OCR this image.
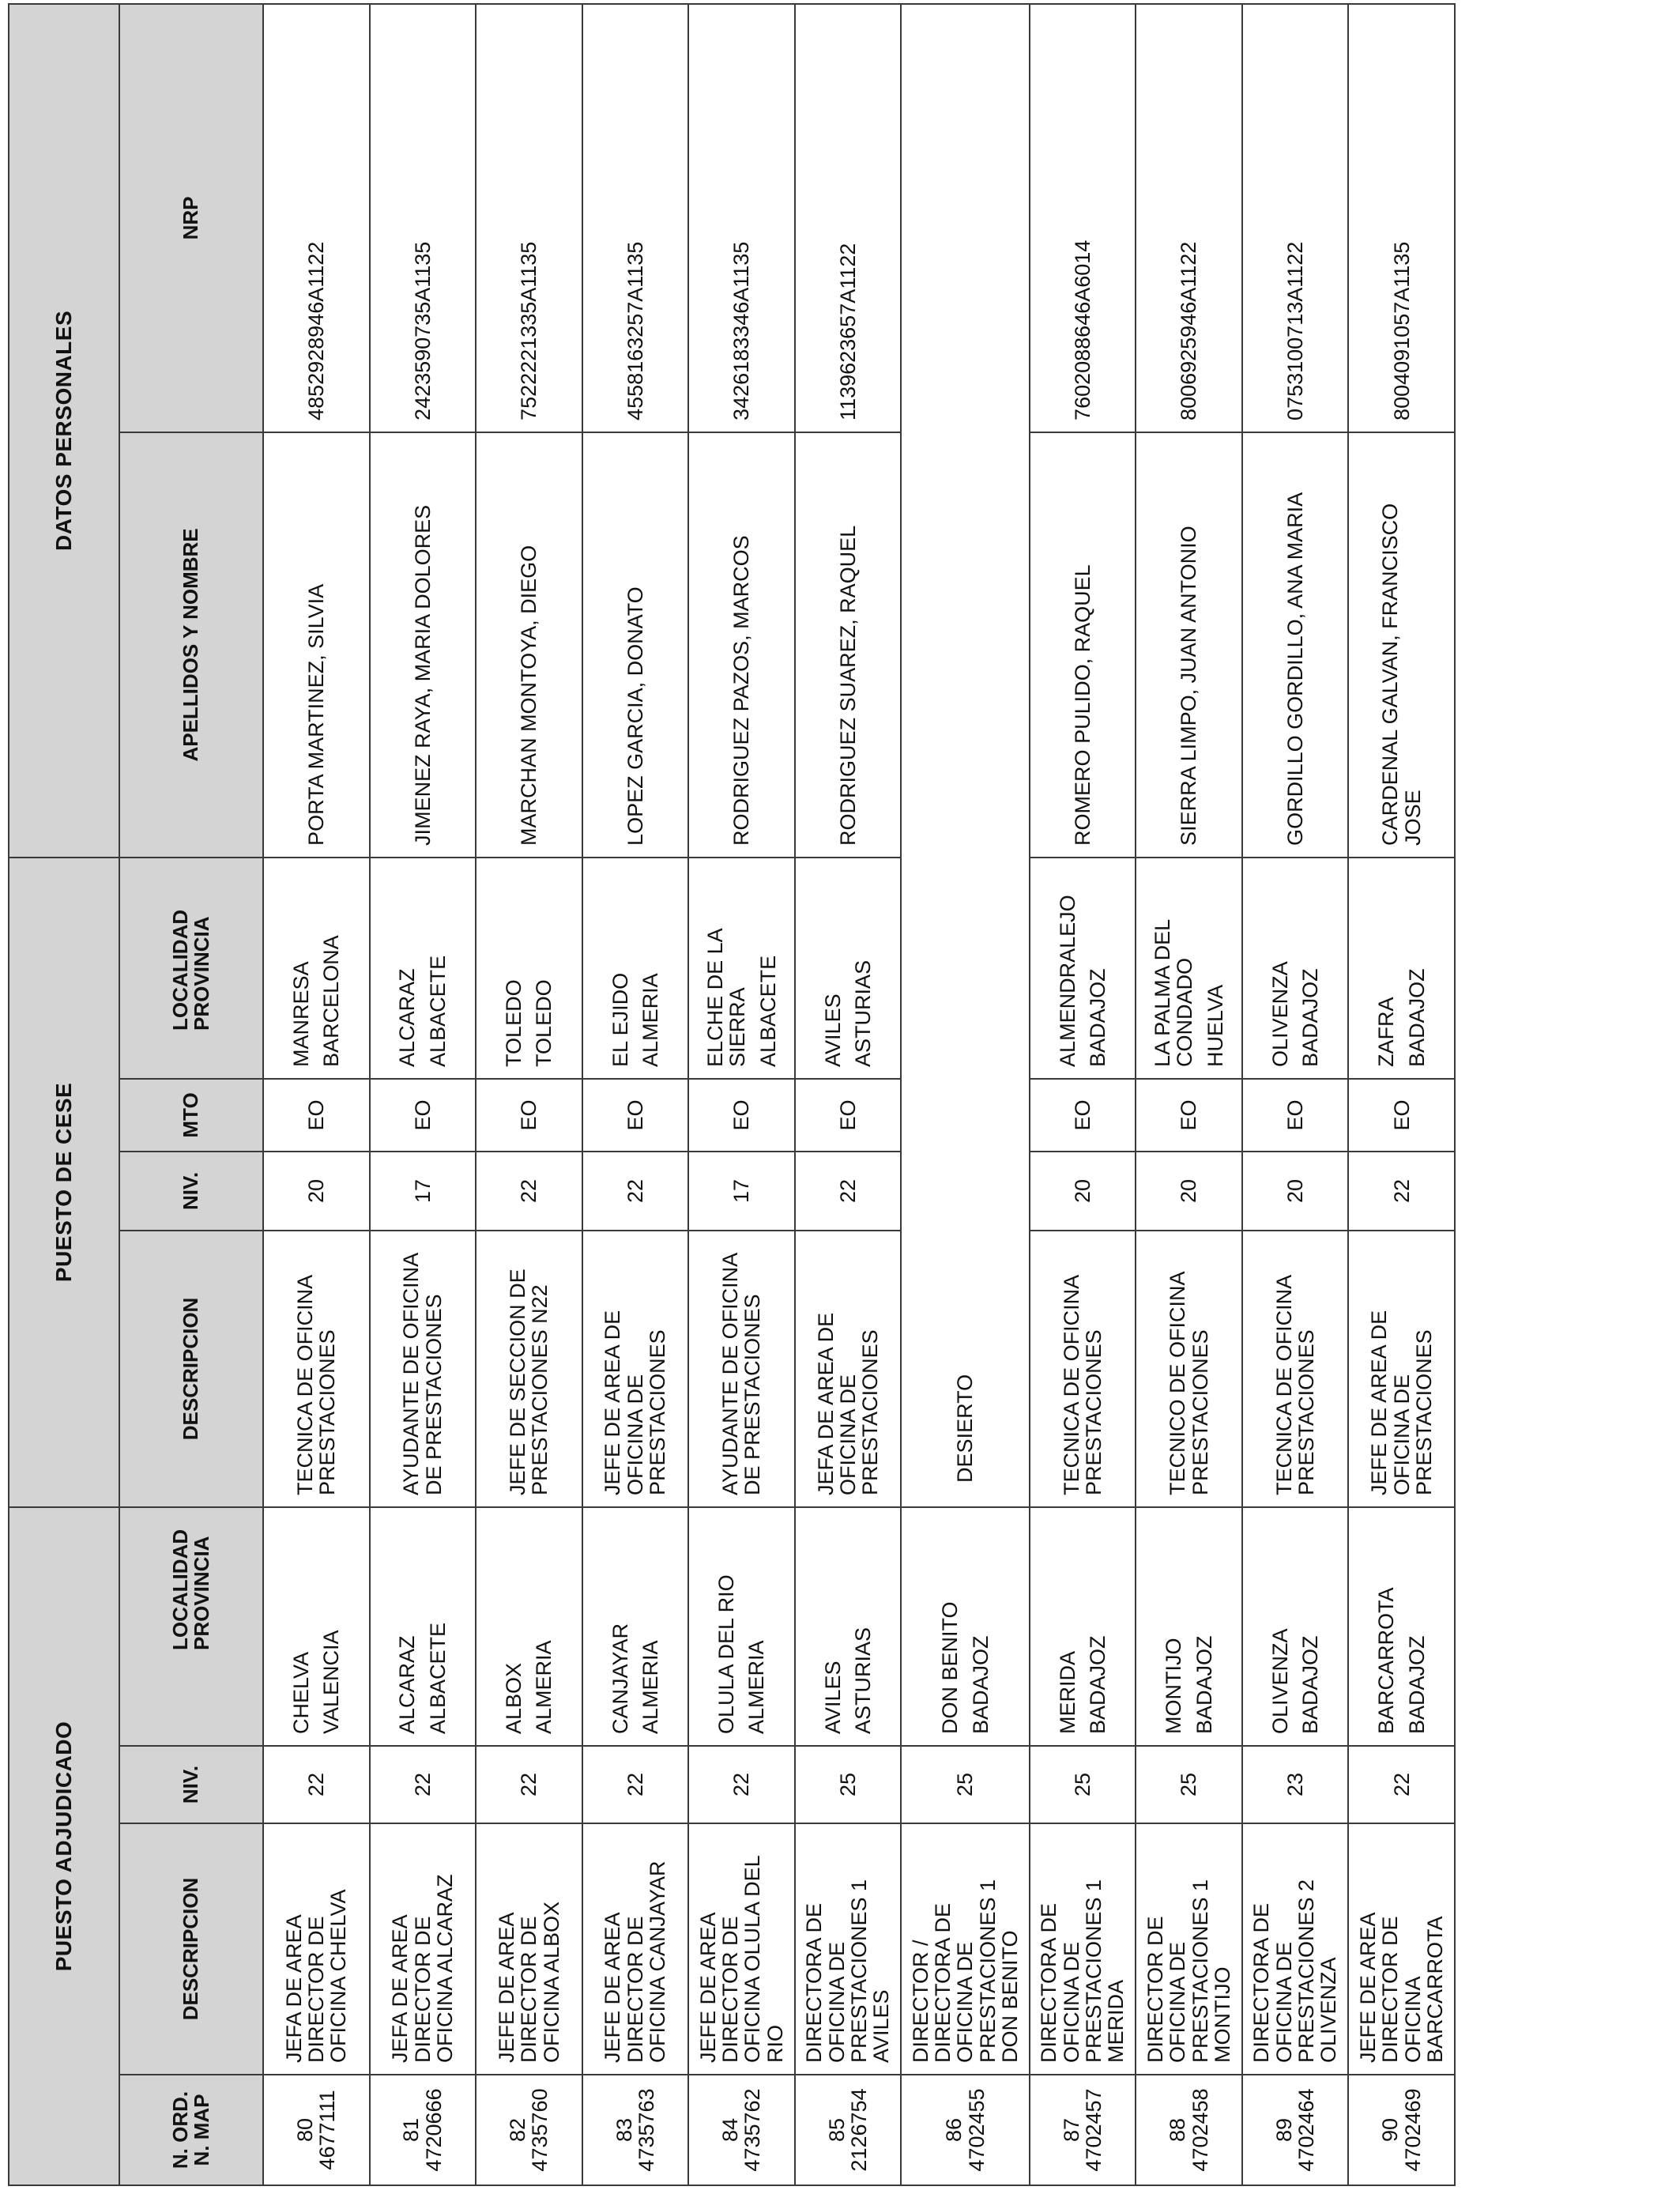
PUESTO ADJUDICADO				PUESTO DE CESE				DATOS PERSONALES	

N. ORD.
N. MAP	DESCRIPCION	NIV.	LOCALIDAD
PROVINCIA	DESCRIPCION	NIV.	MTO	LOCALIDAD
PROVINCIA	APELLIDOS Y NOMBRE	NRP

80
4677111	JEFA DE AREA DIRECTOR DE OFICINA CHELVA	22	CHELVA VALENCIA	TECNICA DE OFICINA PRESTACIONES	20	EO	MANRESA BARCELONA	PORTA MARTINEZ, SILVIA	4852928946A1122

81
4720666	JEFA DE AREA DIRECTOR DE OFICINA ALCARAZ	22	ALCARAZ ALBACETE	AYUDANTE DE OFICINA DE PRESTACIONES	17	EO	ALCARAZ ALBACETE	JIMENEZ RAYA, MARIA DOLORES	2423590735A1135

82
4735760	JEFE DE AREA DIRECTOR DE OFICINA ALBOX	22	ALBOX ALMERIA	JEFE DE SECCION DE PRESTACIONES N22	22	EO	TOLEDO TOLEDO	MARCHAN MONTOYA, DIEGO	7522221335A1135

83
4735763	JEFE DE AREA DIRECTOR DE OFICINA CANJAYAR	22	CANJAYAR ALMERIA	JEFE DE AREA DE OFICINA DE PRESTACIONES	22	EO	EL EJIDO ALMERIA	LOPEZ GARCIA, DONATO	4558163257A1135

84
4735762	JEFE DE AREA DIRECTOR DE OFICINA OLULA DEL RIO	22	OLULA DEL RIO ALMERIA	AYUDANTE DE OFICINA DE PRESTACIONES	17	EO	ELCHE DE LA SIERRA ALBACETE	RODRIGUEZ PAZOS, MARCOS	3426183346A1135

85
2126754	DIRECTORA DE OFICINA DE PRESTACIONES 1 AVILES	25	AVILES ASTURIAS	JEFA DE AREA DE OFICINA DE PRESTACIONES	22	EO	AVILES ASTURIAS	RODRIGUEZ SUAREZ, RAQUEL	1139623657A1122

86
4702455	DIRECTOR / DIRECTORA DE OFICINA DE PRESTACIONES 1 DON BENITO	25	DON BENITO BADAJOZ	DESIERTO					

87
4702457	DIRECTORA DE OFICINA DE PRESTACIONES 1 MERIDA	25	MERIDA BADAJOZ	TECNICA DE OFICINA PRESTACIONES	20	EO	ALMENDRALEJO BADAJOZ	ROMERO PULIDO, RAQUEL	7602088646A6014

88
4702458	DIRECTOR DE OFICINA DE PRESTACIONES 1 MONTIJO	25	MONTIJO BADAJOZ	TECNICO DE OFICINA PRESTACIONES	20	EO	LA PALMA DEL CONDADO HUELVA	SIERRA LIMPO, JUAN ANTONIO	8006925946A1122

89
4702464	DIRECTORA DE OFICINA DE PRESTACIONES 2 OLIVENZA	23	OLIVENZA BADAJOZ	TECNICA DE OFICINA PRESTACIONES	20	EO	OLIVENZA BADAJOZ	GORDILLO GORDILLO, ANA MARIA	0753100713A1122

90
4702469	JEFE DE AREA DIRECTOR DE OFICINA BARCARROTA	22	BARCARROTA BADAJOZ	JEFE DE AREA DE OFICINA DE PRESTACIONES	22	EO	ZAFRA BADAJOZ	CARDENAL GALVAN, FRANCISCO JOSE	8004091057A1135
